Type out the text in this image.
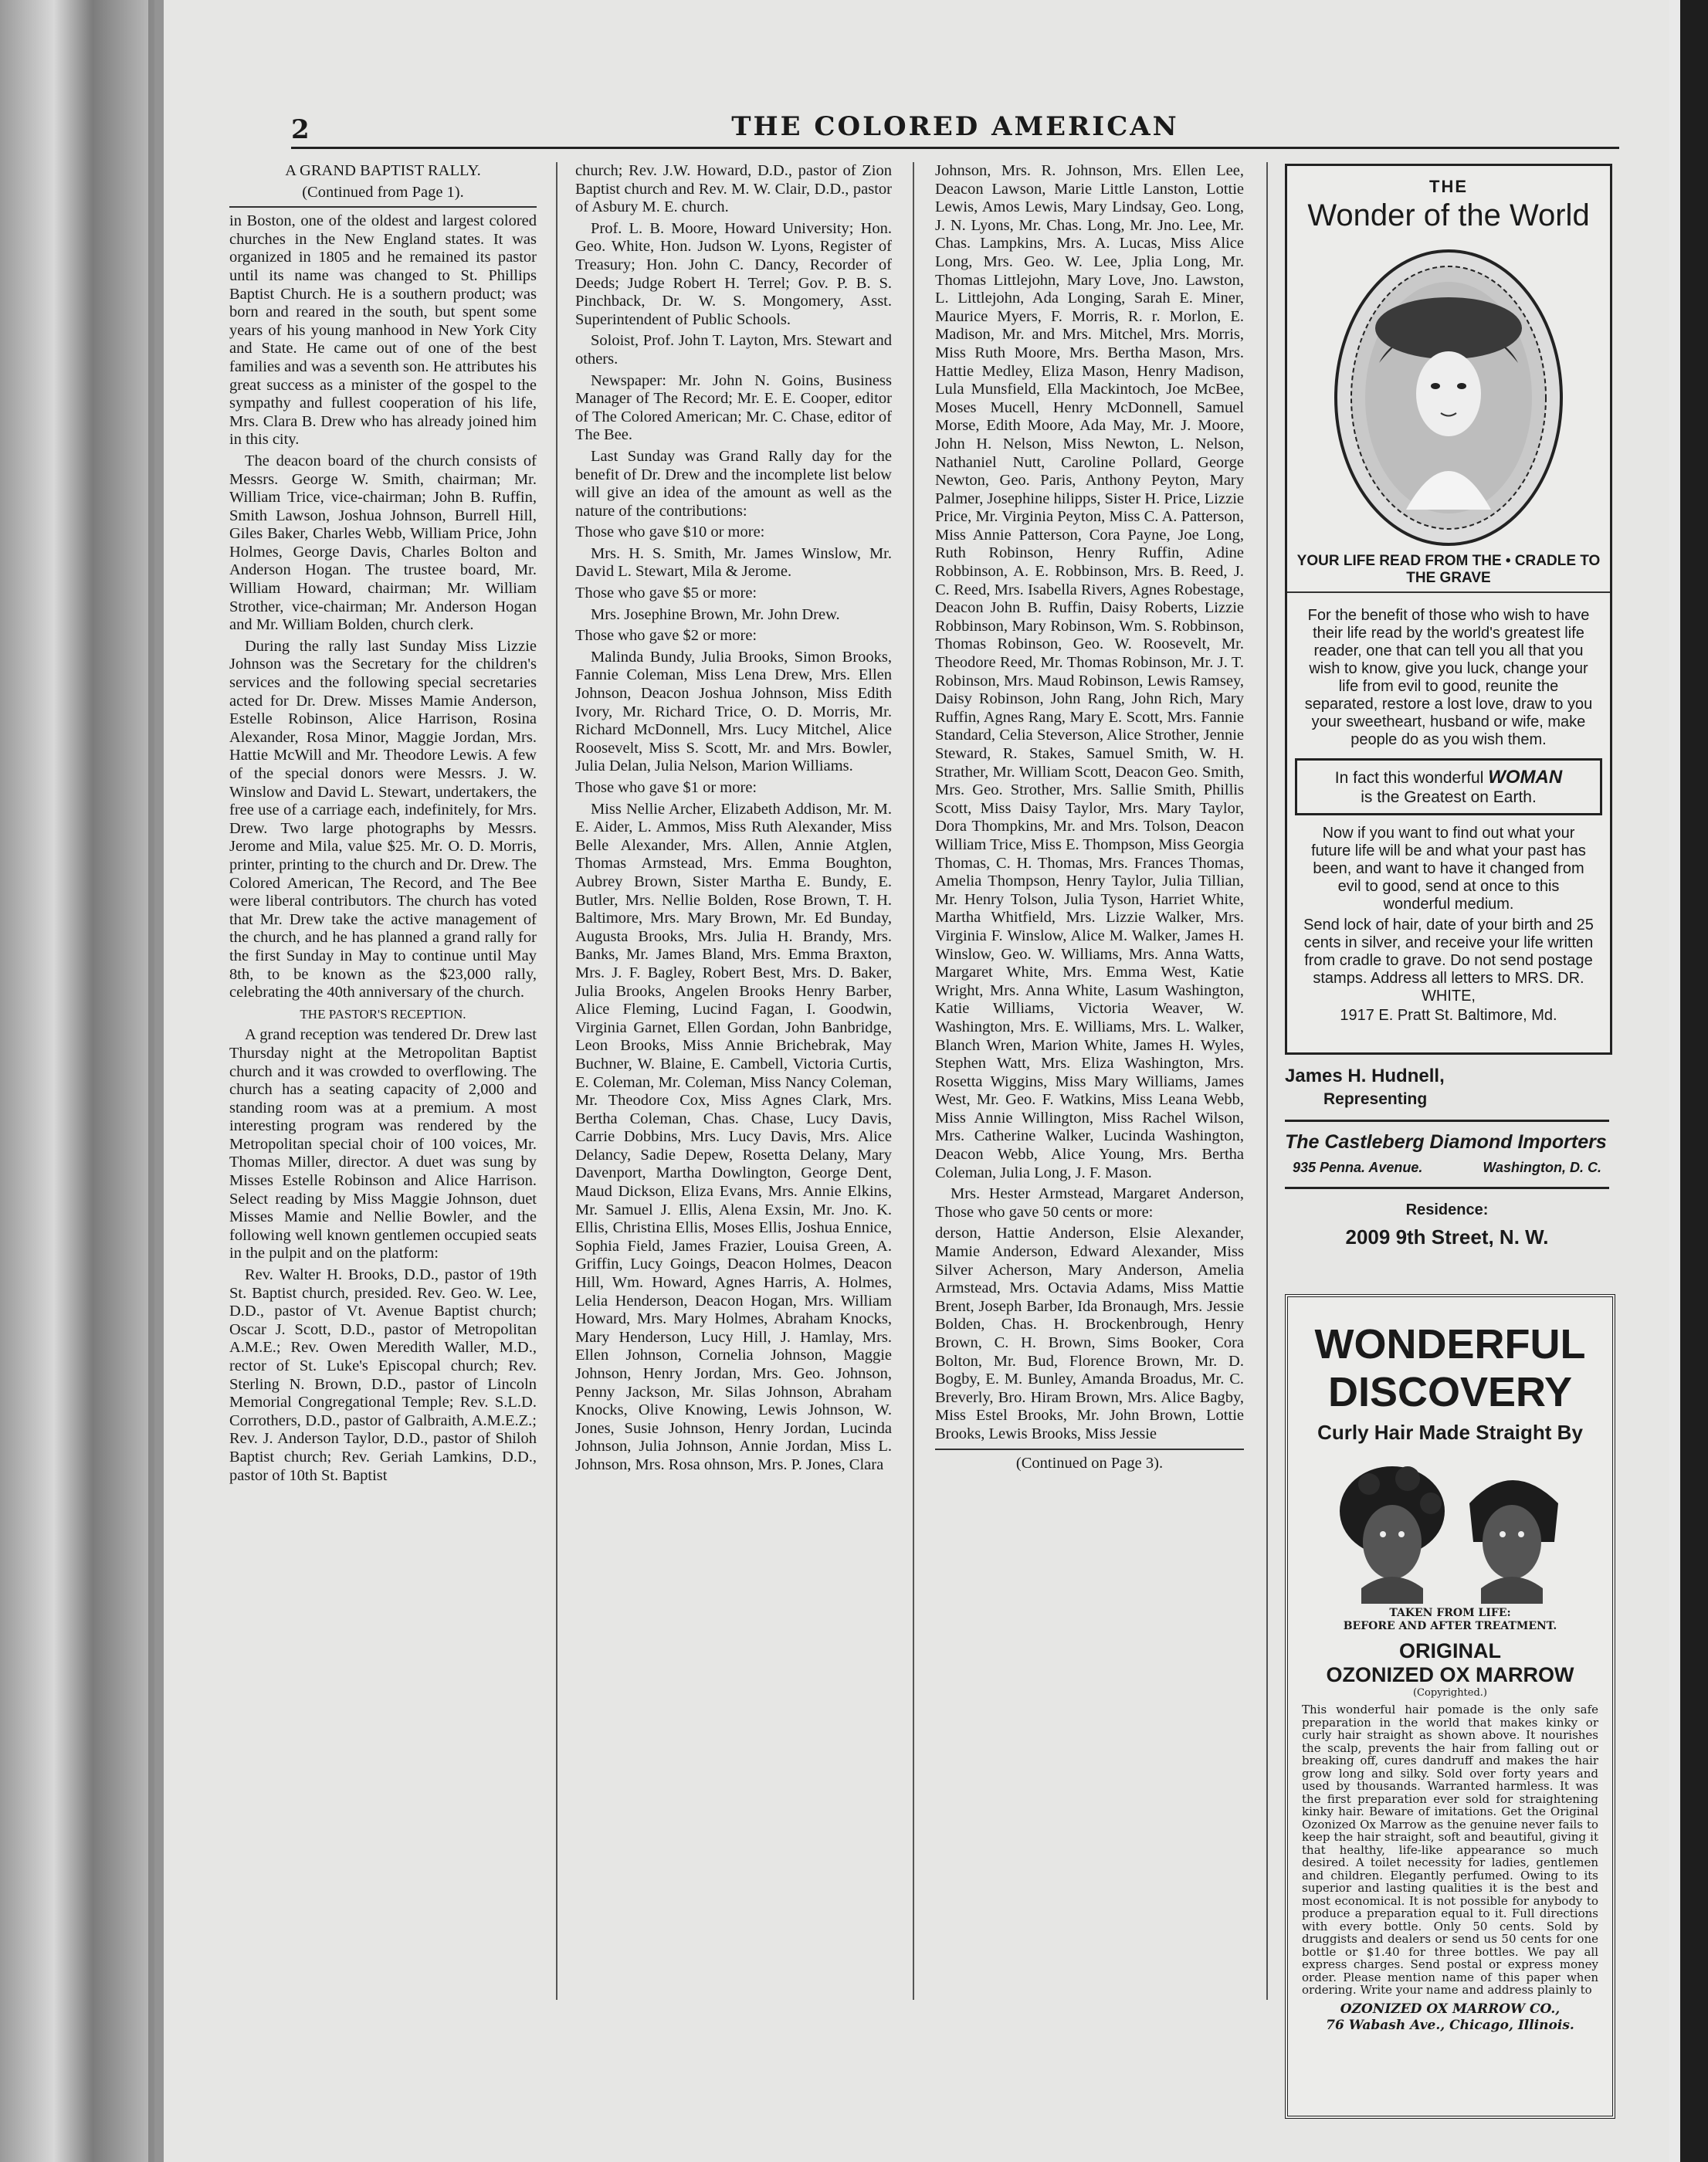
2	THE COLORED AMERICAN

A GRAND BAPTIST RALLY.

(Continued from Page 1).

in Boston, one of the oldest and largest colored churches in the New England states. It was organized in 1805 and he remained its pastor until its name was changed to St. Phillips Baptist Church. He is a southern product; was born and reared in the south, but spent some years of his young manhood in New York City and State. He came out of one of the best families and was a seventh son. He attributes his great success as a minister of the gospel to the sympathy and fullest cooperation of his life, Mrs. Clara B. Drew who has already joined him in this city.

The deacon board of the church consists of Messrs. George W. Smith, chairman; Mr. William Trice, vice-chairman; John B. Ruffin, Smith Lawson, Joshua Johnson, Burrell Hill, Giles Baker, Charles Webb, William Price, John Holmes, George Davis, Charles Bolton and Anderson Hogan. The trustee board, Mr. William Howard, chairman; Mr. William Strother, vice-chairman; Mr. Anderson Hogan and Mr. William Bolden, church clerk.

During the rally last Sunday Miss Lizzie Johnson was the Secretary for the children's services and the following special secretaries acted for Dr. Drew. Misses Mamie Anderson, Estelle Robinson, Alice Harrison, Rosina Alexander, Rosa Minor, Maggie Jordan, Mrs. Hattie McWill and Mr. Theodore Lewis. A few of the special donors were Messrs. J. W. Winslow and David L. Stewart, undertakers, the free use of a carriage each, indefinitely, for Mrs. Drew. Two large photographs by Messrs. Jerome and Mila, value $25. Mr. O. D. Morris, printer, printing to the church and Dr. Drew. The Colored American, The Record, and The Bee were liberal contributors. The church has voted that Mr. Drew take the active management of the church, and he has planned a grand rally for the first Sunday in May to continue until May 8th, to be known as the $23,000 rally, celebrating the 40th anniversary of the church.

THE PASTOR'S RECEPTION.

A grand reception was tendered Dr. Drew last Thursday night at the Metropolitan Baptist church and it was crowded to overflowing. The church has a seating capacity of 2,000 and standing room was at a premium. A most interesting program was rendered by the Metropolitan special choir of 100 voices, Mr. Thomas Miller, director. A duet was sung by Misses Estelle Robinson and Alice Harrison. Select reading by Miss Maggie Johnson, duet Misses Mamie and Nellie Bowler, and the following well known gentlemen occupied seats in the pulpit and on the platform:

Rev. Walter H. Brooks, D.D., pastor of 19th St. Baptist church, presided. Rev. Geo. W. Lee, D.D., pastor of Vt. Avenue Baptist church; Oscar J. Scott, D.D., pastor of Metropolitan A.M.E.; Rev. Owen Meredith Waller, M.D., rector of St. Luke's Episcopal church; Rev. Sterling N. Brown, D.D., pastor of Lincoln Memorial Congregational Temple; Rev. S.L.D. Corrothers, D.D., pastor of Galbraith, A.M.E.Z.; Rev. J. Anderson Taylor, D.D., pastor of Shiloh Baptist church; Rev. Geriah Lamkins, D.D., pastor of 10th St. Baptist

church; Rev. J.W. Howard, D.D., pastor of Zion Baptist church and Rev. M. W. Clair, D.D., pastor of Asbury M. E. church.

Prof. L. B. Moore, Howard University; Hon. Geo. White, Hon. Judson W. Lyons, Register of Treasury; Hon. John C. Dancy, Recorder of Deeds; Judge Robert H. Terrel; Gov. P. B. S. Pinchback, Dr. W. S. Mongomery, Asst. Superintendent of Public Schools.

Soloist, Prof. John T. Layton, Mrs. Stewart and others.

Newspaper: Mr. John N. Goins, Business Manager of The Record; Mr. E. E. Cooper, editor of The Colored American; Mr. C. Chase, editor of The Bee.

Last Sunday was Grand Rally day for the benefit of Dr. Drew and the incomplete list below will give an idea of the amount as well as the nature of the contributions:

Those who gave $10 or more:

Mrs. H. S. Smith, Mr. James Winslow, Mr. David L. Stewart, Mila & Jerome.

Those who gave $5 or more:

Mrs. Josephine Brown, Mr. John Drew.

Those who gave $2 or more:

Malinda Bundy, Julia Brooks, Simon Brooks, Fannie Coleman, Miss Lena Drew, Mrs. Ellen Johnson, Deacon Joshua Johnson, Miss Edith Ivory, Mr. Richard Trice, O. D. Morris, Mr. Richard McDonnell, Mrs. Lucy Mitchel, Alice Roosevelt, Miss S. Scott, Mr. and Mrs. Bowler, Julia Delan, Julia Nelson, Marion Williams.

Those who gave $1 or more:

Miss Nellie Archer, Elizabeth Addison, Mr. M. E. Aider, L. Ammos, Miss Ruth Alexander, Miss Belle Alexander, Mrs. Allen, Annie Atglen, Thomas Armstead, Mrs. Emma Boughton, Aubrey Brown, Sister Martha E. Bundy, E. Butler, Mrs. Nellie Bolden, Rose Brown, T. H. Baltimore, Mrs. Mary Brown, Mr. Ed Bunday, Augusta Brooks, Mrs. Julia H. Brandy, Mrs. Banks, Mr. James Bland, Mrs. Emma Braxton, Mrs. J. F. Bagley, Robert Best, Mrs. D. Baker, Julia Brooks, Angelen Brooks Henry Barber, Alice Fleming, Lucind Fagan, I. Goodwin, Virginia Garnet, Ellen Gordan, John Banbridge, Leon Brooks, Miss Annie Brichebrak, May Buchner, W. Blaine, E. Cambell, Victoria Curtis, E. Coleman, Mr. Coleman, Miss Nancy Coleman, Mr. Theodore Cox, Miss Agnes Clark, Mrs. Bertha Coleman, Chas. Chase, Lucy Davis, Carrie Dobbins, Mrs. Lucy Davis, Mrs. Alice Delancy, Sadie Depew, Rosetta Delany, Mary Davenport, Martha Dowlington, George Dent, Maud Dickson, Eliza Evans, Mrs. Annie Elkins, Mr. Samuel J. Ellis, Alena Exsin, Mr. Jno. K. Ellis, Christina Ellis, Moses Ellis, Joshua Ennice, Sophia Field, James Frazier, Louisa Green, A. Griffin, Lucy Goings, Deacon Holmes, Deacon Hill, Wm. Howard, Agnes Harris, A. Holmes, Lelia Henderson, Deacon Hogan, Mrs. William Howard, Mrs. Mary Holmes, Abraham Knocks, Mary Henderson, Lucy Hill, J. Hamlay, Mrs. Ellen Johnson, Cornelia Johnson, Maggie Johnson, Henry Jordan, Mrs. Geo. Johnson, Penny Jackson, Mr. Silas Johnson, Abraham Knocks, Olive Knowing, Lewis Johnson, W. Jones, Susie Johnson, Henry Jordan, Lucinda Johnson, Julia Johnson, Annie Jordan, Miss L. Johnson, Mrs. Rosa ohnson, Mrs. P. Jones, Clara

Johnson, Mrs. R. Johnson, Mrs. Ellen Lee, Deacon Lawson, Marie Little Lanston, Lottie Lewis, Amos Lewis, Mary Lindsay, Geo. Long, J. N. Lyons, Mr. Chas. Long, Mr. Jno. Lee, Mr. Chas. Lampkins, Mrs. A. Lucas, Miss Alice Long, Mrs. Geo. W. Lee, Jplia Long, Mr. Thomas Littlejohn, Mary Love, Jno. Lawston, L. Littlejohn, Ada Longing, Sarah E. Miner, Maurice Myers, F. Morris, R. r. Morlon, E. Madison, Mr. and Mrs. Mitchel, Mrs. Morris, Miss Ruth Moore, Mrs. Bertha Mason, Mrs. Hattie Medley, Eliza Mason, Henry Madison, Lula Munsfield, Ella Mackintoch, Joe McBee, Moses Mucell, Henry McDonnell, Samuel Morse, Edith Moore, Ada May, Mr. J. Moore, John H. Nelson, Miss Newton, L. Nelson, Nathaniel Nutt, Caroline Pollard, George Newton, Geo. Paris, Anthony Peyton, Mary Palmer, Josephine hilipps, Sister H. Price, Lizzie Price, Mr. Virginia Peyton, Miss C. A. Patterson, Miss Annie Patterson, Cora Payne, Joe Long, Ruth Robinson, Henry Ruffin, Adine Robbinson, A. E. Robbinson, Mrs. B. Reed, J. C. Reed, Mrs. Isabella Rivers, Agnes Robestage, Deacon John B. Ruffin, Daisy Roberts, Lizzie Robbinson, Mary Robinson, Wm. S. Robbinson, Thomas Robinson, Geo. W. Roosevelt, Mr. Theodore Reed, Mr. Thomas Robinson, Mr. J. T. Robinson, Mrs. Maud Robinson, Lewis Ramsey, Daisy Robinson, John Rang, John Rich, Mary Ruffin, Agnes Rang, Mary E. Scott, Mrs. Fannie Standard, Celia Steverson, Alice Strother, Jennie Steward, R. Stakes, Samuel Smith, W. H. Strather, Mr. William Scott, Deacon Geo. Smith, Mrs. Geo. Strother, Mrs. Sallie Smith, Phillis Scott, Miss Daisy Taylor, Mrs. Mary Taylor, Dora Thompkins, Mr. and Mrs. Tolson, Deacon William Trice, Miss E. Thompson, Miss Georgia Thomas, C. H. Thomas, Mrs. Frances Thomas, Amelia Thompson, Henry Taylor, Julia Tillian, Mr. Henry Tolson, Julia Tyson, Harriet White, Martha Whitfield, Mrs. Lizzie Walker, Mrs. Virginia F. Winslow, Alice M. Walker, James H. Winslow, Geo. W. Williams, Mrs. Anna Watts, Margaret White, Mrs. Emma West, Katie Wright, Mrs. Anna White, Lasum Washington, Katie Williams, Victoria Weaver, W. Washington, Mrs. E. Williams, Mrs. L. Walker, Blanch Wren, Marion White, James H. Wyles, Stephen Watt, Mrs. Eliza Washington, Mrs. Rosetta Wiggins, Miss Mary Williams, James West, Mr. Geo. F. Watkins, Miss Leana Webb, Miss Annie Willington, Miss Rachel Wilson, Mrs. Catherine Walker, Lucinda Washington, Deacon Webb, Alice Young, Mrs. Bertha Coleman, Julia Long, J. F. Mason.

Mrs. Hester Armstead, Margaret Anderson, Those who gave 50 cents or more:

derson, Hattie Anderson, Elsie Alexander, Mamie Anderson, Edward Alexander, Miss Silver Acherson, Mary Anderson, Amelia Armstead, Mrs. Octavia Adams, Miss Mattie Brent, Joseph Barber, Ida Bronaugh, Mrs. Jessie Bolden, Chas. H. Brockenbrough, Henry Brown, C. H. Brown, Sims Booker, Cora Bolton, Mr. Bud, Florence Brown, Mr. D. Bogby, E. M. Bunley, Amanda Broadus, Mr. C. Breverly, Bro. Hiram Brown, Mrs. Alice Bagby, Miss Estel Brooks, Mr. John Brown, Lottie Brooks, Lewis Brooks, Miss Jessie

(Continued on Page 3).

THE
Wonder of the World
YOUR LIFE READ FROM THE • CRADLE TO THE GRAVE
For the benefit of those who wish to have their life read by the world's greatest life reader, one that can tell you all that you wish to know, give you luck, change your life from evil to good, reunite the separated, restore a lost love, draw to you your sweetheart, husband or wife, make people do as you wish them.
In fact this wonderful WOMAN
is the Greatest on Earth.
Now if you want to find out what your future life will be and what your past has been, and want to have it changed from evil to good, send at once to this wonderful medium.
Send lock of hair, date of your birth and 25 cents in silver, and receive your life written from cradle to grave. Do not send postage stamps. Address all letters to MRS. DR. WHITE,
1917 E. Pratt St. Baltimore, Md.
James H. Hudnell,
Representing
The Castleberg Diamond Importers
935 Penna. Avenue.	Washington, D. C.
Residence:
2009 9th Street, N. W.
WONDERFUL
DISCOVERY
Curly Hair Made Straight By
TAKEN FROM LIFE:
BEFORE AND AFTER TREATMENT.
ORIGINAL
OZONIZED OX MARROW
(Copyrighted.)
This wonderful hair pomade is the only safe preparation in the world that makes kinky or curly hair straight as shown above. It nourishes the scalp, prevents the hair from falling out or breaking off, cures dandruff and makes the hair grow long and silky. Sold over forty years and used by thousands. Warranted harmless. It was the first preparation ever sold for straightening kinky hair. Beware of imitations. Get the Original Ozonized Ox Marrow as the genuine never fails to keep the hair straight, soft and beautiful, giving it that healthy, life-like appearance so much desired. A toilet necessity for ladies, gentlemen and children. Elegantly perfumed. Owing to its superior and lasting qualities it is the best and most economical. It is not possible for anybody to produce a preparation equal to it. Full directions with every bottle. Only 50 cents. Sold by druggists and dealers or send us 50 cents for one bottle or $1.40 for three bottles. We pay all express charges. Send postal or express money order. Please mention name of this paper when ordering. Write your name and address plainly to
OZONIZED OX MARROW CO.,
76 Wabash Ave., Chicago, Illinois.
